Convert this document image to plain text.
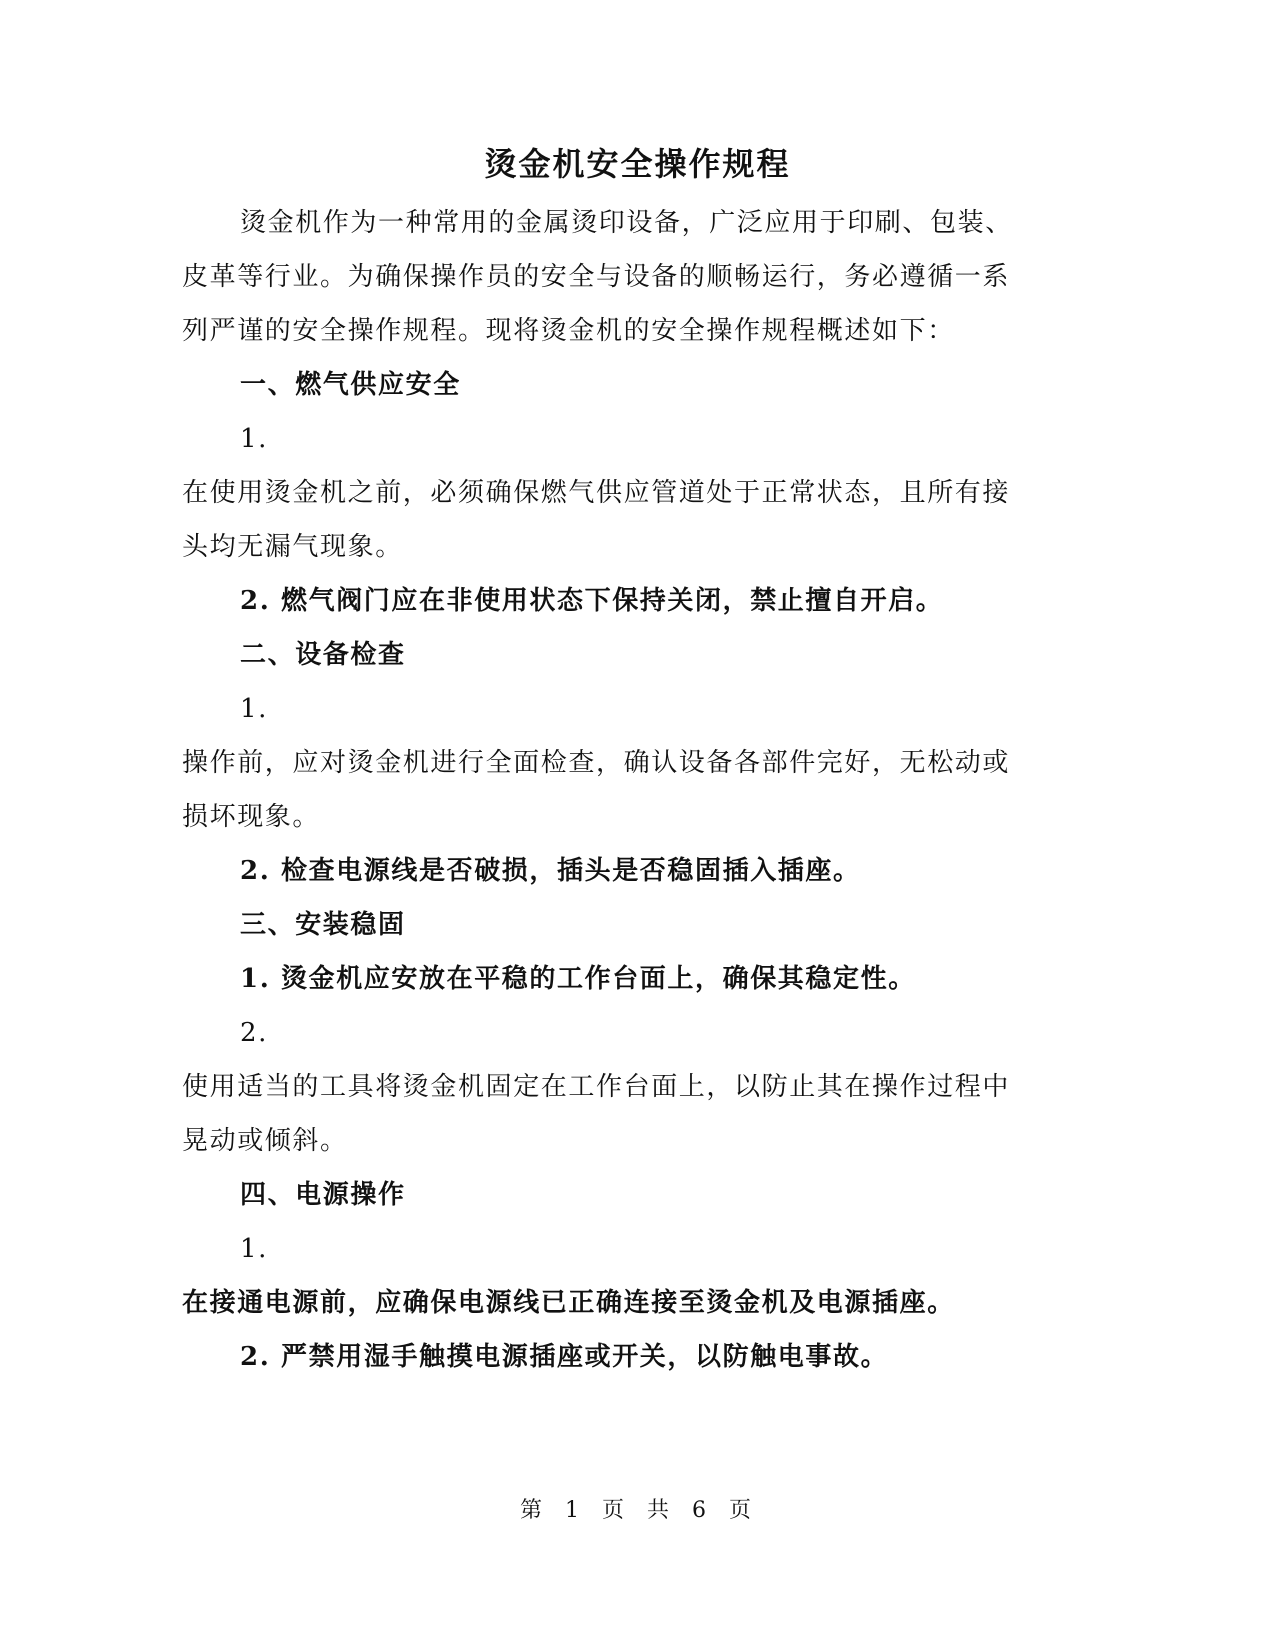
烫金机安全操作规程
烫金机作为一种常用的金属烫印设备，广泛应用于印刷、包装、
皮革等行业。为确保操作员的安全与设备的顺畅运行，务必遵循一系
列严谨的安全操作规程。现将烫金机的安全操作规程概述如下：
一、燃气供应安全
1.
在使用烫金机之前，必须确保燃气供应管道处于正常状态，且所有接
头均无漏气现象。
2. 燃气阀门应在非使用状态下保持关闭，禁止擅自开启。
二、设备检查
1.
操作前，应对烫金机进行全面检查，确认设备各部件完好，无松动或
损坏现象。
2. 检查电源线是否破损，插头是否稳固插入插座。
三、安装稳固
1. 烫金机应安放在平稳的工作台面上，确保其稳定性。
2.
使用适当的工具将烫金机固定在工作台面上，以防止其在操作过程中
晃动或倾斜。
四、电源操作
1.
在接通电源前，应确保电源线已正确连接至烫金机及电源插座。
2. 严禁用湿手触摸电源插座或开关，以防触电事故。
第 1 页 共 6 页
